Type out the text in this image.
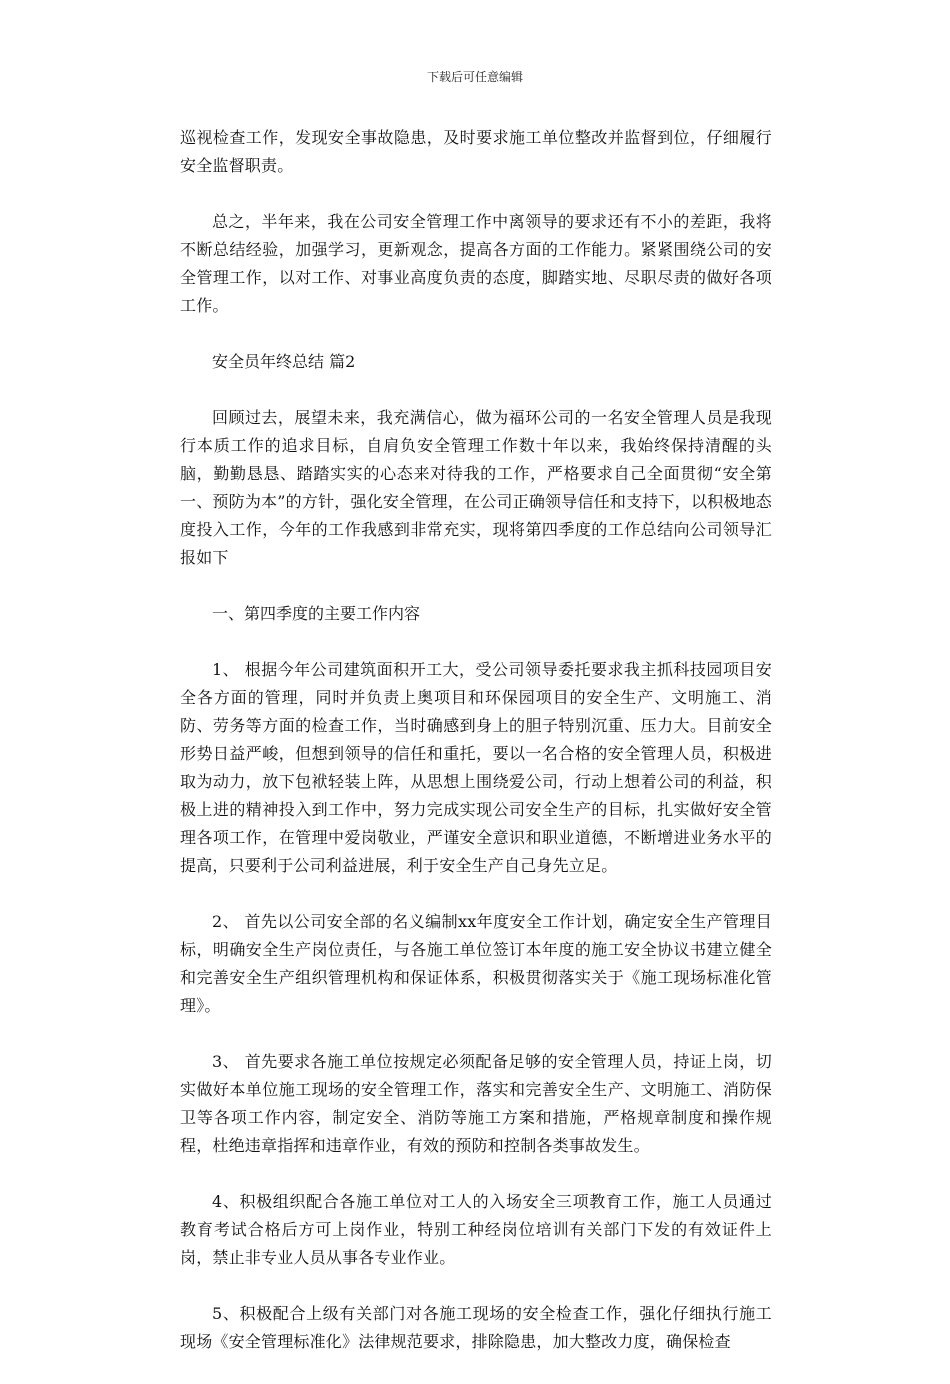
下载后可任意编辑

巡视检查工作，发现安全事故隐患，及时要求施工单位整改并监督到位，仔细履行安全监督职责。

总之，半年来，我在公司安全管理工作中离领导的要求还有不小的差距，我将不断总结经验，加强学习，更新观念，提高各方面的工作能力。紧紧围绕公司的安全管理工作，以对工作、对事业高度负责的态度，脚踏实地、尽职尽责的做好各项工作。

安全员年终总结 篇2

回顾过去，展望未来，我充满信心，做为福环公司的一名安全管理人员是我现行本质工作的追求目标，自肩负安全管理工作数十年以来，我始终保持清醒的头脑，勤勤恳恳、踏踏实实的心态来对待我的工作，严格要求自己全面贯彻“安全第一、预防为本”的方针，强化安全管理，在公司正确领导信任和支持下，以积极地态度投入工作，今年的工作我感到非常充实，现将第四季度的工作总结向公司领导汇报如下

一、第四季度的主要工作内容

1、 根据今年公司建筑面积开工大，受公司领导委托要求我主抓科技园项目安全各方面的管理，同时并负责上奥项目和环保园项目的安全生产、文明施工、消防、劳务等方面的检查工作，当时确感到身上的胆子特别沉重、压力大。目前安全形势日益严峻，但想到领导的信任和重托，要以一名合格的安全管理人员，积极进取为动力，放下包袱轻装上阵，从思想上围绕爱公司，行动上想着公司的利益，积极上进的精神投入到工作中，努力完成实现公司安全生产的目标，扎实做好安全管理各项工作，在管理中爱岗敬业，严谨安全意识和职业道德，不断增进业务水平的提高，只要利于公司利益进展，利于安全生产自己身先立足。

2、 首先以公司安全部的名义编制xx年度安全工作计划，确定安全生产管理目标，明确安全生产岗位责任，与各施工单位签订本年度的施工安全协议书建立健全和完善安全生产组织管理机构和保证体系，积极贯彻落实关于《施工现场标准化管理》。

3、 首先要求各施工单位按规定必须配备足够的安全管理人员，持证上岗，切实做好本单位施工现场的安全管理工作，落实和完善安全生产、文明施工、消防保卫等各项工作内容，制定安全、消防等施工方案和措施，严格规章制度和操作规程，杜绝违章指挥和违章作业，有效的预防和控制各类事故发生。

4、积极组织配合各施工单位对工人的入场安全三项教育工作，施工人员通过教育考试合格后方可上岗作业，特别工种经岗位培训有关部门下发的有效证件上岗，禁止非专业人员从事各专业作业。

5、积极配合上级有关部门对各施工现场的安全检查工作，强化仔细执行施工现场《安全管理标准化》法律规范要求，排除隐患，加大整改力度，确保检查
